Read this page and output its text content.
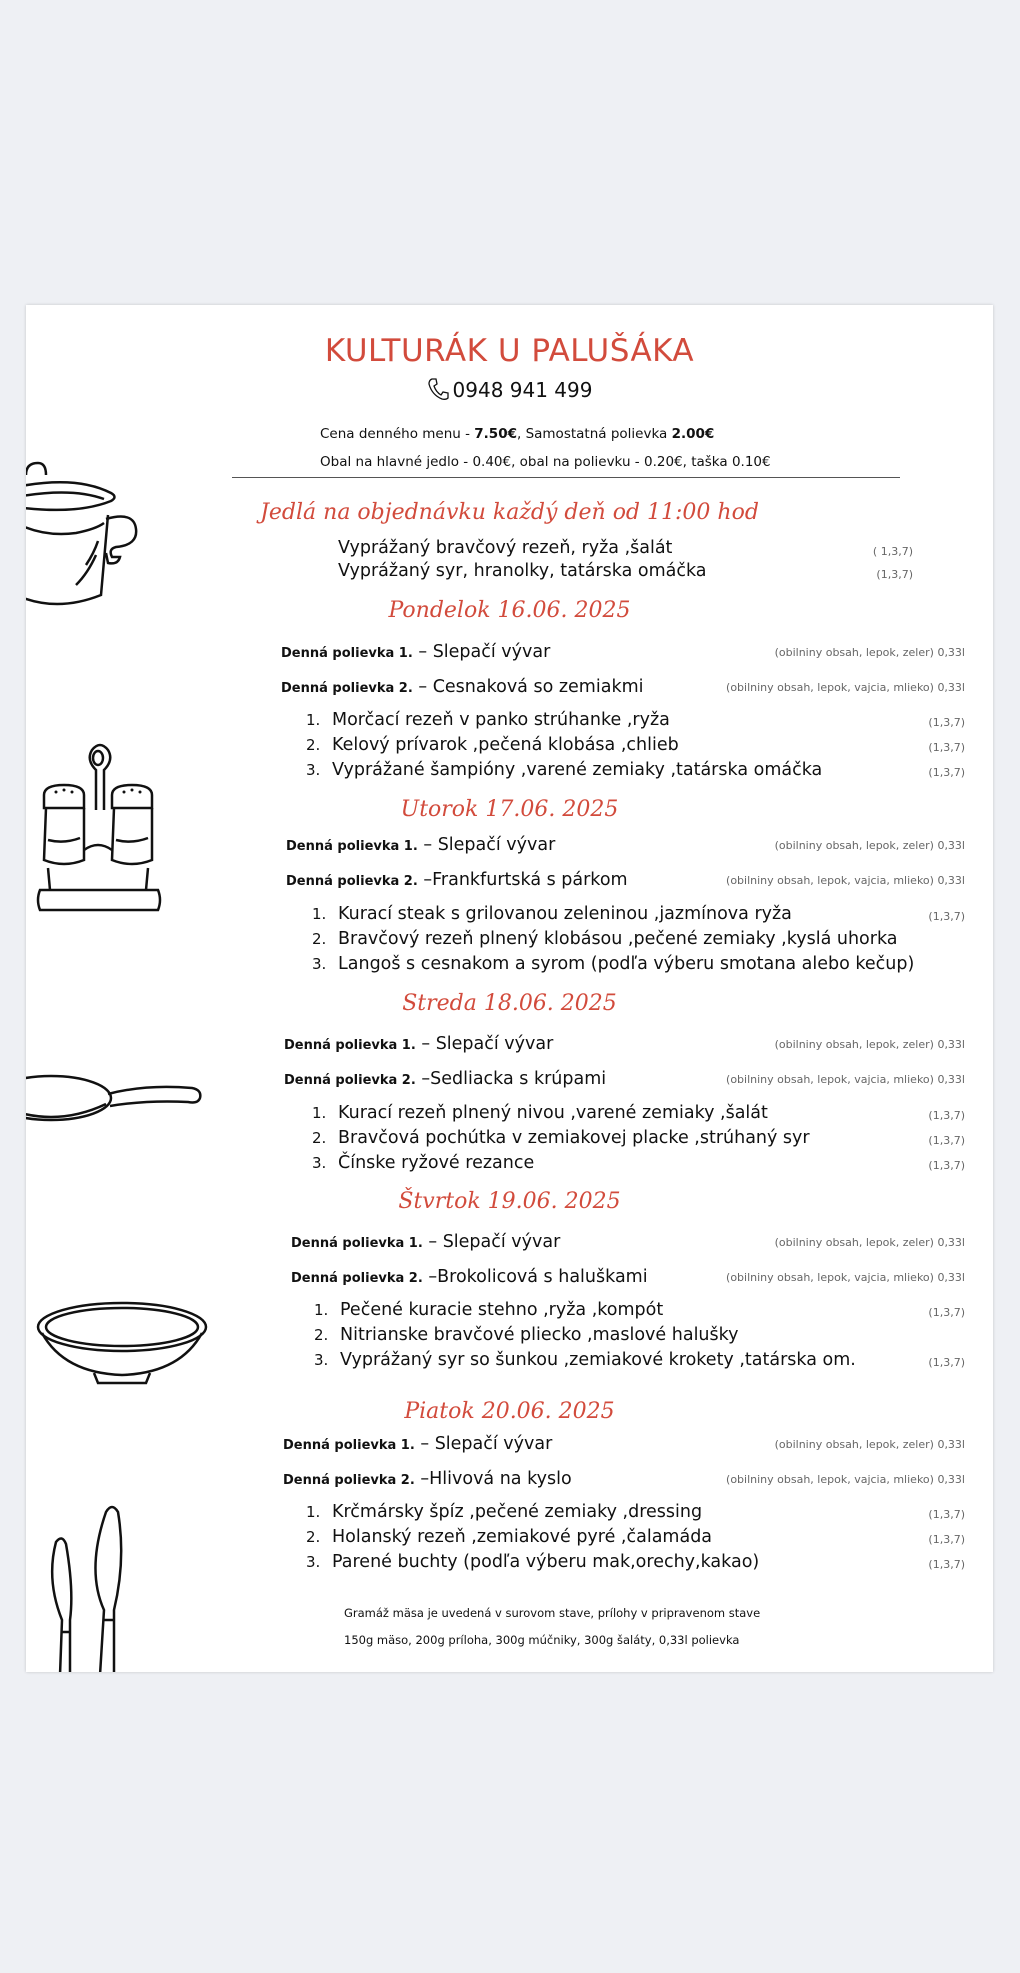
KULTURÁK U PALUŠÁKA
0948 941 499
Cena denného menu - 7.50€, Samostatná polievka 2.00€
Obal na hlavné jedlo - 0.40€, obal na polievku - 0.20€, taška 0.10€
Jedlá na objednávku každý deň od 11:00 hod
Vyprážaný bravčový rezeň, ryža ,šalát	( 1,3,7)
Vyprážaný syr, hranolky, tatárska omáčka	(1,3,7)
Pondelok 16.06. 2025
Denná polievka 1. – Slepačí vývar	(obilniny obsah, lepok, zeler) 0,33l
Denná polievka 2. – Cesnaková so zemiakmi	(obilniny obsah, lepok, vajcia, mlieko) 0,33l
1. Morčací rezeň v panko strúhanke ,ryža	(1,3,7)
2. Kelový prívarok ,pečená klobása ,chlieb	(1,3,7)
3. Vyprážané šampióny ,varené zemiaky ,tatárska omáčka	(1,3,7)
Utorok 17.06. 2025
Denná polievka 1. – Slepačí vývar	(obilniny obsah, lepok, zeler) 0,33l
Denná polievka 2. –Frankfurtská s párkom	(obilniny obsah, lepok, vajcia, mlieko) 0,33l
1. Kurací steak s grilovanou zeleninou ,jazmínova ryža	(1,3,7)
2. Bravčový rezeň plnený klobásou ,pečené zemiaky ,kyslá uhorka
3. Langoš s cesnakom a syrom (podľa výberu smotana alebo kečup)
Streda 18.06. 2025
Denná polievka 1. – Slepačí vývar	(obilniny obsah, lepok, zeler) 0,33l
Denná polievka 2. –Sedliacka s krúpami	(obilniny obsah, lepok, vajcia, mlieko) 0,33l
1. Kurací rezeň plnený nivou ,varené zemiaky ,šalát	(1,3,7)
2. Bravčová pochútka v zemiakovej placke ,strúhaný syr	(1,3,7)
3. Čínske ryžové rezance	(1,3,7)
Štvrtok 19.06. 2025
Denná polievka 1. – Slepačí vývar	(obilniny obsah, lepok, zeler) 0,33l
Denná polievka 2. –Brokolicová s haluškami	(obilniny obsah, lepok, vajcia, mlieko) 0,33l
1. Pečené kuracie stehno ,ryža ,kompót	(1,3,7)
2. Nitrianske bravčové pliecko ,maslové halušky
3. Vyprážaný syr so šunkou ,zemiakové krokety ,tatárska om.	(1,3,7)
Piatok 20.06. 2025
Denná polievka 1. – Slepačí vývar	(obilniny obsah, lepok, zeler) 0,33l
Denná polievka 2. –Hlivová na kyslo	(obilniny obsah, lepok, vajcia, mlieko) 0,33l
1. Krčmársky špíz ,pečené zemiaky ,dressing	(1,3,7)
2. Holanský rezeň ,zemiakové pyré ,čalamáda	(1,3,7)
3. Parené buchty (podľa výberu mak,orechy,kakao)	(1,3,7)
Gramáž mäsa je uvedená v surovom stave, prílohy v pripravenom stave
150g mäso, 200g príloha, 300g múčniky, 300g šaláty, 0,33l polievka
